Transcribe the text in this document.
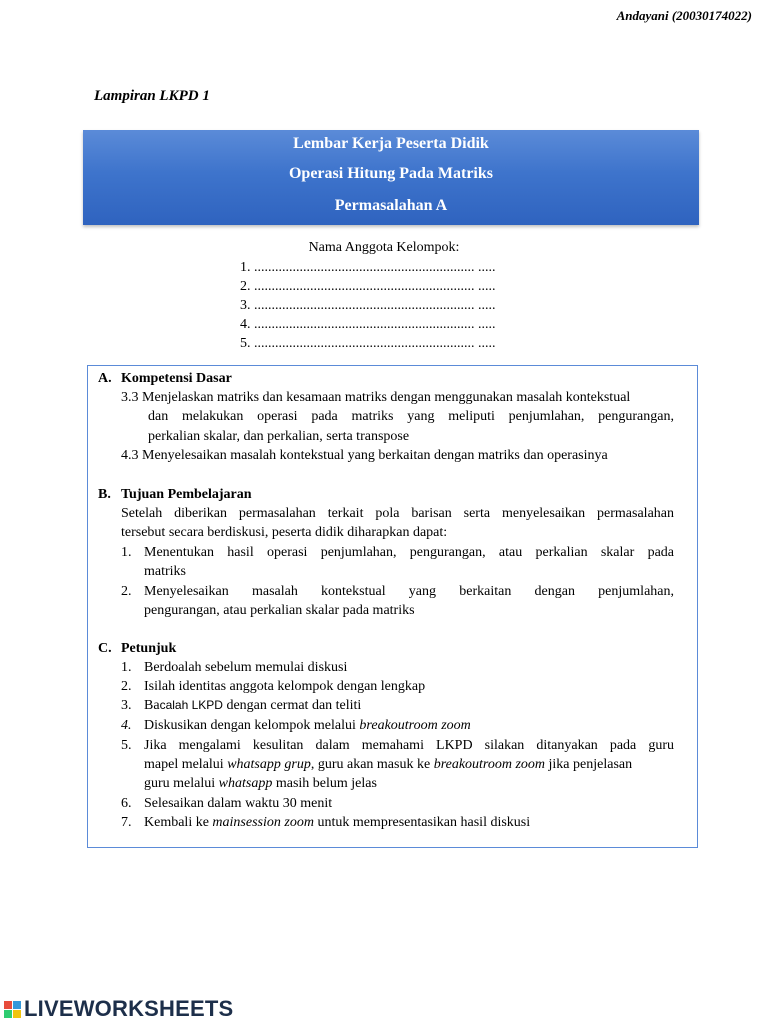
Andayani (20030174022)
Lampiran LKPD 1
Lembar Kerja Peserta Didik
Operasi Hitung Pada Matriks
Permasalahan A
Nama Anggota Kelompok:
1. ............................................................... .....
2. ............................................................... .....
3. ............................................................... .....
4. ............................................................... .....
5. ............................................................... .....
A. Kompetensi Dasar
3.3 Menjelaskan matriks dan kesamaan matriks dengan menggunakan masalah kontekstual
dan melakukan operasi pada matriks yang meliputi penjumlahan, pengurangan,
perkalian skalar, dan perkalian, serta transpose
4.3 Menyelesaikan masalah kontekstual yang berkaitan dengan matriks dan operasinya
B. Tujuan Pembelajaran
Setelah diberikan permasalahan terkait pola barisan serta menyelesaikan permasalahan
tersebut secara berdiskusi, peserta didik diharapkan dapat:
1. Menentukan hasil operasi penjumlahan, pengurangan, atau perkalian skalar pada
matriks
2. Menyelesaikan masalah kontekstual yang berkaitan dengan penjumlahan,
pengurangan, atau perkalian skalar pada matriks
C. Petunjuk
1. Berdoalah sebelum memulai diskusi
2. Isilah identitas anggota kelompok dengan lengkap
3. Bacalah LKPD dengan cermat dan teliti
4. Diskusikan dengan kelompok melalui breakoutroom zoom
5. Jika mengalami kesulitan dalam memahami LKPD silakan ditanyakan pada guru
mapel melalui whatsapp grup, guru akan masuk ke breakoutroom zoom jika penjelasan
guru melalui whatsapp masih belum jelas
6. Selesaikan dalam waktu 30 menit
7. Kembali ke mainsession zoom untuk mempresentasikan hasil diskusi
LIVEWORKSHEETS
